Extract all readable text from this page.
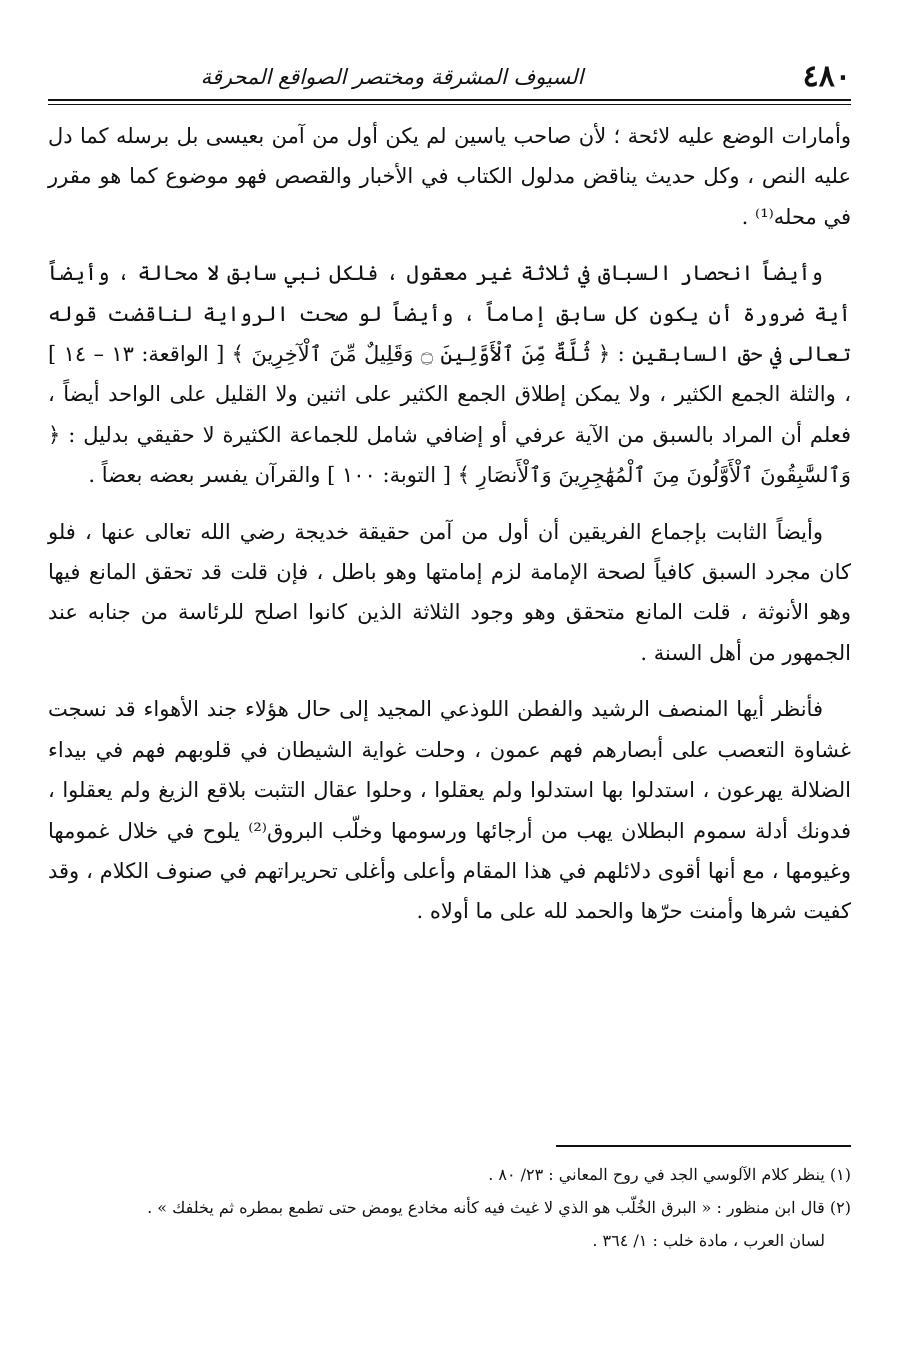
٤٨٠
السيوف المشرقة ومختصر الصواقع المحرقة

وأمارات الوضع عليه لائحة ؛ لأن صاحب ياسين لم يكن أول من آمن بعيسى بل برسله كما دل عليه النص ، وكل حديث يناقض مدلول الكتاب في الأخبار والقصص فهو موضوع كما هو مقرر في محله⁽¹⁾ .

وأيضاً انحصار السباق في ثلاثة غير معقول ، فلكل نبي سابق لا محالة ، وأيضاً أية ضرورة أن يكون كل سابق إماماً ، وأيضاً لو صحت الرواية لناقضت قوله تعالى في حق السابقين : ﴿ ثُلَّةٌ مِّنَ ٱلْأَوَّلِينَ ۝ وَقَلِيلٌ مِّنَ ٱلْآخِرِينَ ﴾ [ الواقعة: ١٣ – ١٤ ] ، والثلة الجمع الكثير ، ولا يمكن إطلاق الجمع الكثير على اثنين ولا القليل على الواحد أيضاً ، فعلم أن المراد بالسبق من الآية عرفي أو إضافي شامل للجماعة الكثيرة لا حقيقي بدليل : ﴿ وَٱلسَّٰبِقُونَ ٱلْأَوَّلُونَ مِنَ ٱلْمُهَٰجِرِينَ وَٱلْأَنصَارِ ﴾ [ التوبة: ١٠٠ ] والقرآن يفسر بعضه بعضاً .

وأيضاً الثابت بإجماع الفريقين أن أول من آمن حقيقة خديجة رضي الله تعالى عنها ، فلو كان مجرد السبق كافياً لصحة الإمامة لزم إمامتها وهو باطل ، فإن قلت قد تحقق المانع فيها وهو الأنوثة ، قلت المانع متحقق وهو وجود الثلاثة الذين كانوا اصلح للرئاسة من جنابه عند الجمهور من أهل السنة .

فأنظر أيها المنصف الرشيد والفطن اللوذعي المجيد إلى حال هؤلاء جند الأهواء قد نسجت غشاوة التعصب على أبصارهم فهم عمون ، وحلت غواية الشيطان في قلوبهم فهم في بيداء الضلالة يهرعون ، استدلوا بها استدلوا ولم يعقلوا ، وحلوا عقال التثبت بلاقع الزيغ ولم يعقلوا ، فدونك أدلة سموم البطلان يهب من أرجائها ورسومها وخلّب البروق⁽²⁾ يلوح في خلال غمومها وغيومها ، مع أنها أقوى دلائلهم في هذا المقام وأعلى وأغلى تحريراتهم في صنوف الكلام ، وقد كفيت شرها وأمنت حرّها والحمد لله على ما أولاه .

(١) ينظر كلام الآلوسي الجد في روح المعاني : ٢٣/ ٨٠ .
(٢) قال ابن منظور : « البرق الخُلّب هو الذي لا غيث فيه كأنه مخادع يومض حتى تطمع بمطره ثم يخلفك » .
لسان العرب ، مادة خلب : ١/ ٣٦٤ .
